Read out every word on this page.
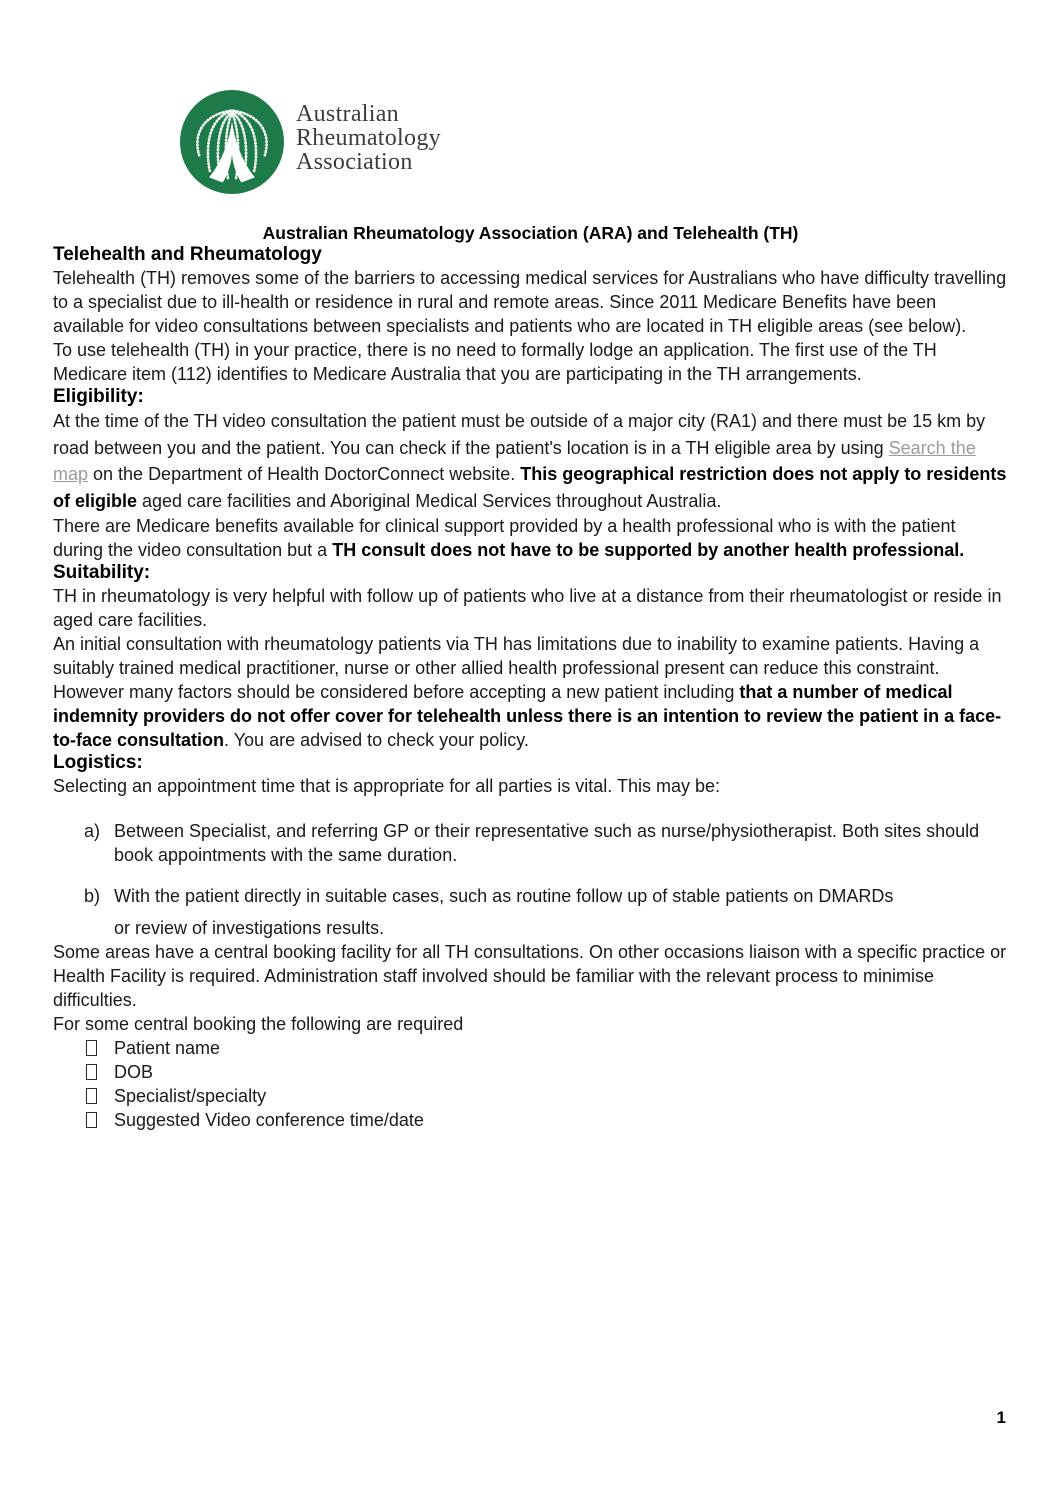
Australian
Rheumatology
Association
Australian Rheumatology Association (ARA) and Telehealth (TH)
Telehealth and Rheumatology

Telehealth (TH) removes some of the barriers to accessing medical services for Australians who have difficulty travelling to a specialist due to ill-health or residence in rural and remote areas. Since 2011 Medicare Benefits have been available for video consultations between specialists and patients who are located in TH eligible areas (see below).

To use telehealth (TH) in your practice, there is no need to formally lodge an application. The first use of the TH Medicare item (112) identifies to Medicare Australia that you are participating in the TH arrangements.

Eligibility:

At the time of the TH video consultation the patient must be outside of a major city (RA1) and there must be 15 km by road between you and the patient. You can check if the patient's location is in a TH eligible area by using Search the map on the Department of Health DoctorConnect website. This geographical restriction does not apply to residents of eligible aged care facilities and Aboriginal Medical Services throughout Australia.

There are Medicare benefits available for clinical support provided by a health professional who is with the patient during the video consultation but a TH consult does not have to be supported by another health professional.

Suitability:

TH in rheumatology is very helpful with follow up of patients who live at a distance from their rheumatologist or reside in aged care facilities.

An initial consultation with rheumatology patients via TH has limitations due to inability to examine patients. Having a suitably trained medical practitioner, nurse or other allied health professional present can reduce this constraint. However many factors should be considered before accepting a new patient including that a number of medical indemnity providers do not offer cover for telehealth unless there is an intention to review the patient in a face-to-face consultation. You are advised to check your policy.

Logistics:

Selecting an appointment time that is appropriate for all parties is vital. This may be:

a) Between Specialist, and referring GP or their representative such as nurse/physiotherapist. Both sites should book appointments with the same duration.
b) With the patient directly in suitable cases, such as routine follow up of stable patients on DMARDs
or review of investigations results.

Some areas have a central booking facility for all TH consultations. On other occasions liaison with a specific practice or Health Facility is required. Administration staff involved should be familiar with the relevant process to minimise difficulties.

For some central booking the following are required

Patient name
DOB
Specialist/specialty
Suggested Video conference time/date
1
